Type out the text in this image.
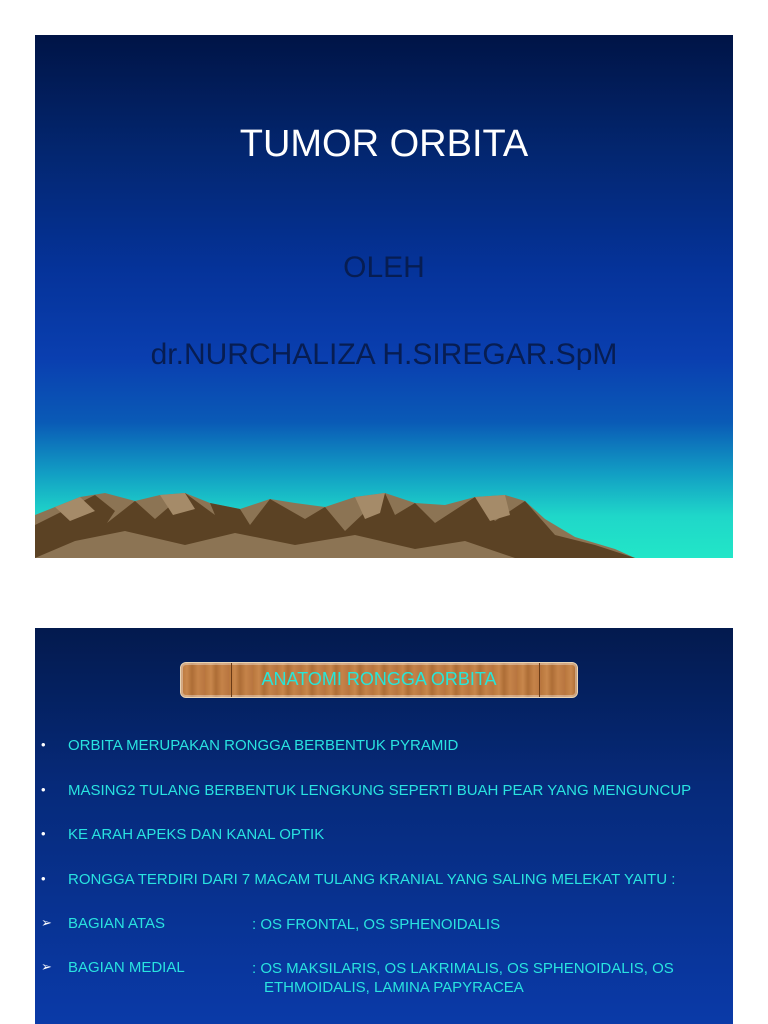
TUMOR ORBITA
OLEH
dr.NURCHALIZA H.SIREGAR.SpM
ANATOMI RONGGA ORBITA
• ORBITA MERUPAKAN RONGGA BERBENTUK PYRAMID
• MASING2 TULANG BERBENTUK LENGKUNG SEPERTI BUAH PEAR YANG MENGUNCUP
• KE ARAH APEKS DAN KANAL OPTIK
• RONGGA TERDIRI DARI 7 MACAM TULANG KRANIAL YANG SALING MELEKAT YAITU :
➢ BAGIAN ATAS	: OS FRONTAL, OS SPHENOIDALIS
➢ BAGIAN MEDIAL	: OS MAKSILARIS, OS LAKRIMALIS, OS SPHENOIDALIS, OS
ETHMOIDALIS, LAMINA PAPYRACEA
